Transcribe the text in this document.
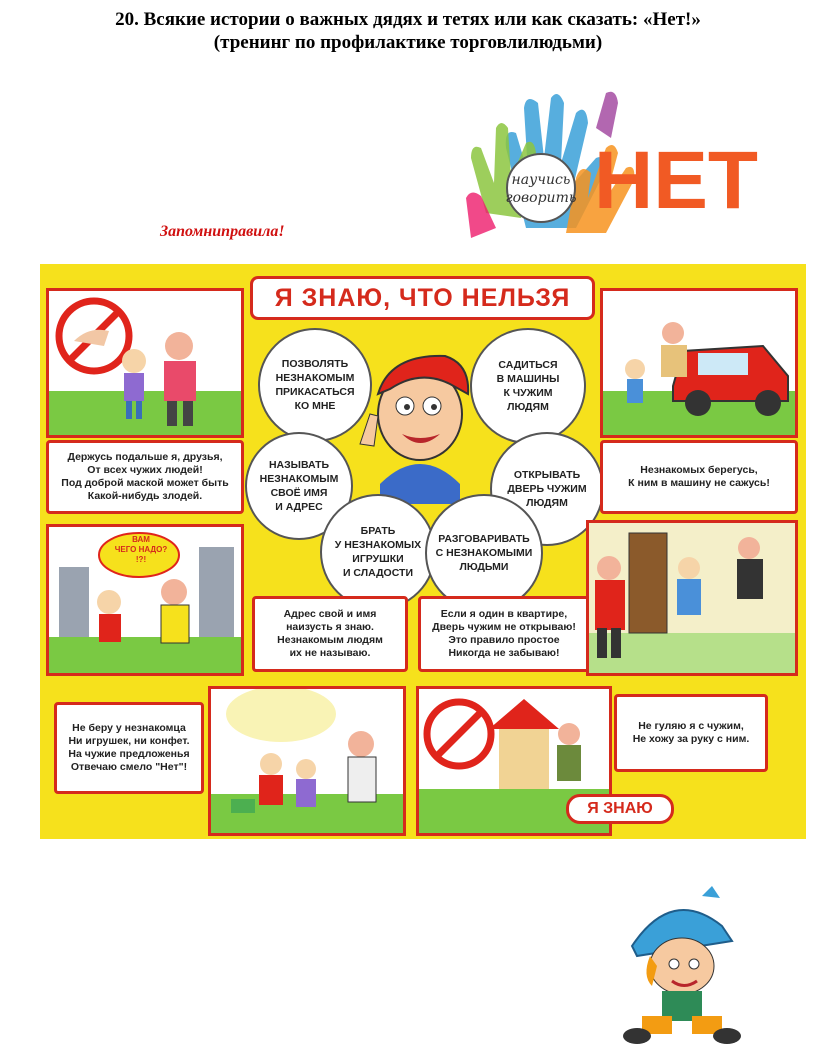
20. Всякие истории о важных дядях и тетях или как сказать: «Нет!»
(тренинг по профилактике торговлилюдьми)
научись
говорить НЕТ
Запомниправила!
Держусь подальше я, друзья,
От всех чужих людей!
Под доброй маской может быть
Какой-нибудь злодей.
Я ЗНАЮ, ЧТО НЕЛЬЗЯ
ПОЗВОЛЯТЬ
НЕЗНАКОМЫМ
ПРИКАСАТЬСЯ
КО МНЕ
САДИТЬСЯ
В МАШИНЫ
К ЧУЖИМ
ЛЮДЯМ
НАЗЫВАТЬ
НЕЗНАКОМЫМ
СВОЁ ИМЯ
И АДРЕС
ОТКРЫВАТЬ
ДВЕРЬ ЧУЖИМ
ЛЮДЯМ
БРАТЬ
У НЕЗНАКОМЫХ
ИГРУШКИ
И СЛАДОСТИ
РАЗГОВАРИВАТЬ
С НЕЗНАКОМЫМИ
ЛЮДЬМИ
Незнакомых берегусь,
К ним в машину не сажусь!
ВАМ
ЧЕГО НАДО?
!?!
Адрес свой и имя
наизусть я знаю.
Незнакомым людям
их не называю.
Если я один в квартире,
Дверь чужим не открываю!
Это правило простое
Никогда не забываю!
Не беру у незнакомца
Ни игрушек, ни конфет.
На чужие предложенья
Отвечаю смело "Нет"!
Я ЗНАЮ
Не гуляю я с чужим,
Не хожу за руку с ним.
